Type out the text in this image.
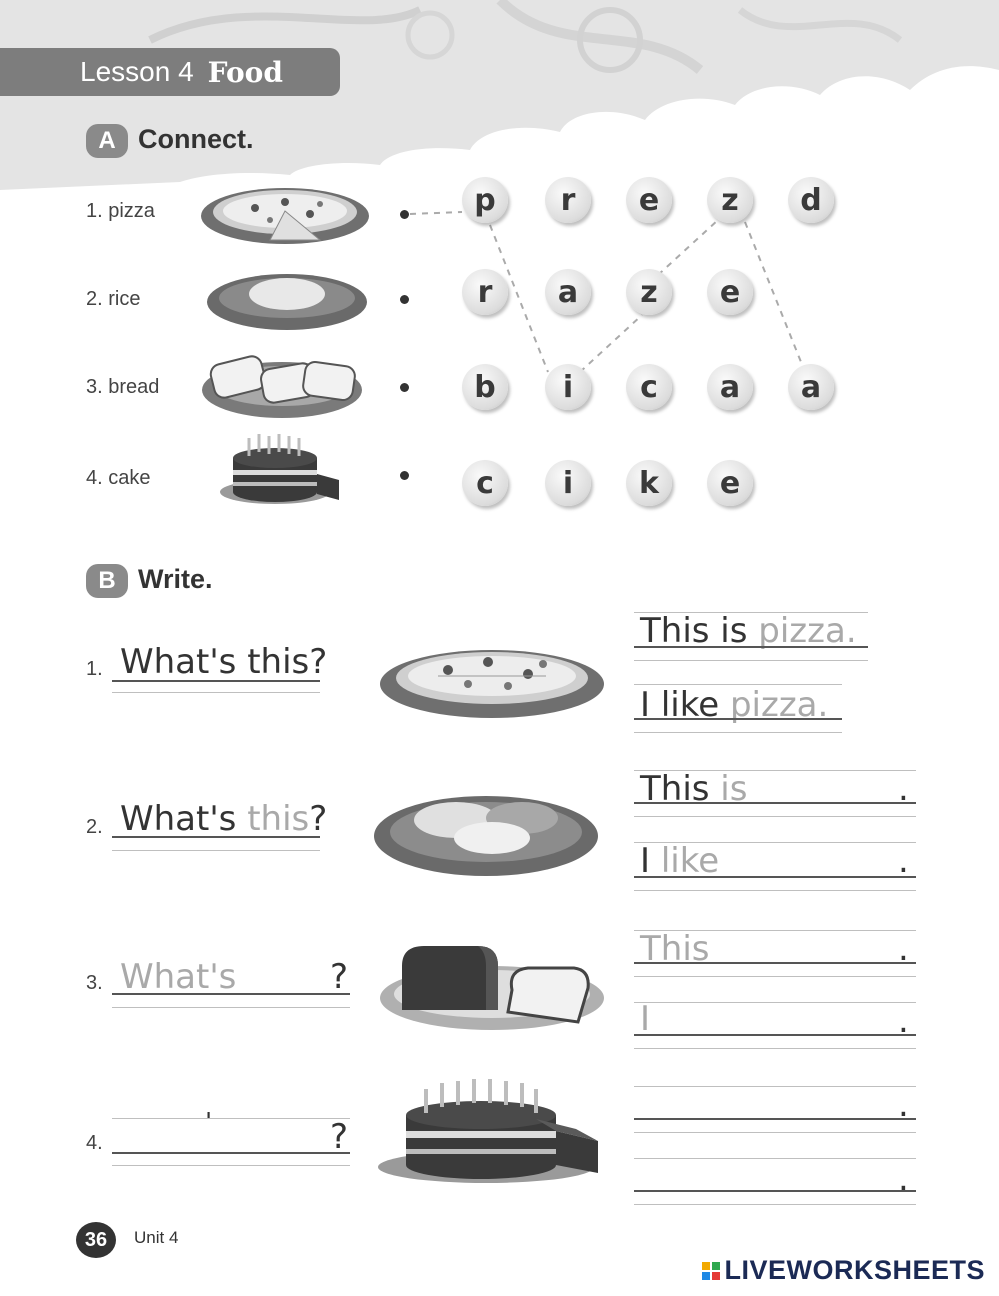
Lesson 4 Food
A Connect.
1. pizza
2. rice
3. bread
4. cake
p	r	e	z	d
r	a	z	e
b	i	c	a	a
c	i	k	e
B Write.
1. What's this?
2. What's this?
3. What's	?
4.
'	?
This is pizza.
I like pizza.
This is	.
I like	.
This	.
I	.
.
.
36	Unit 4
LIVEWORKSHEETS
